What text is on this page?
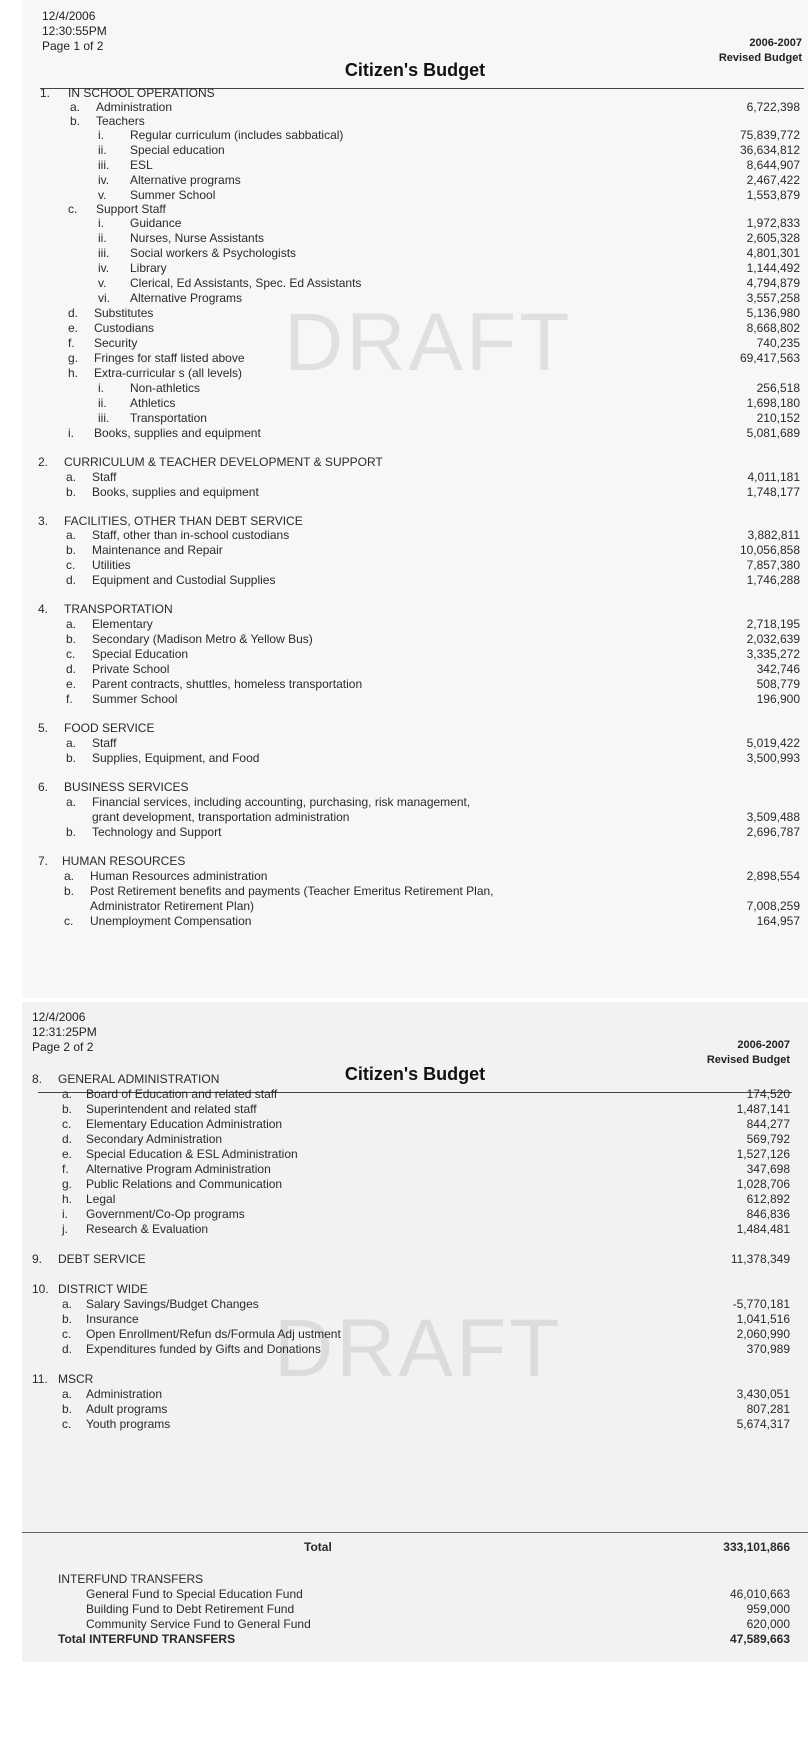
12/4/2006
12:30:55PM
Page 1 of 2	2006-2007
Revised Budget
Citizen's Budget
DRAFT
1. IN SCHOOL OPERATIONS
a. Administration	6,722,398
b. Teachers
i. Regular curriculum (includes sabbatical)	75,839,772
ii. Special education	36,634,812
iii. ESL	8,644,907
iv. Alternative programs	2,467,422
v. Summer School	1,553,879
c. Support Staff
i. Guidance	1,972,833
ii. Nurses, Nurse Assistants	2,605,328
iii. Social workers & Psychologists	4,801,301
iv. Library	1,144,492
v. Clerical, Ed Assistants, Spec. Ed Assistants	4,794,879
vi. Alternative Programs	3,557,258
d. Substitutes	5,136,980
e. Custodians	8,668,802
f. Security	740,235
g. Fringes for staff listed above	69,417,563
h. Extra-curricular s (all levels)
i. Non-athletics	256,518
ii. Athletics	1,698,180
iii. Transportation	210,152
i. Books, supplies and equipment	5,081,689
2. CURRICULUM & TEACHER DEVELOPMENT & SUPPORT
a. Staff	4,011,181
b. Books, supplies and equipment	1,748,177
3. FACILITIES, OTHER THAN DEBT SERVICE
a. Staff, other than in-school custodians	3,882,811
b. Maintenance and Repair	10,056,858
c. Utilities	7,857,380
d. Equipment and Custodial Supplies	1,746,288
4. TRANSPORTATION
a. Elementary	2,718,195
b. Secondary (Madison Metro & Yellow Bus)	2,032,639
c. Special Education	3,335,272
d. Private School	342,746
e. Parent contracts, shuttles, homeless transportation	508,779
f. Summer School	196,900
5. FOOD SERVICE
a. Staff	5,019,422
b. Supplies, Equipment, and Food	3,500,993
6. BUSINESS SERVICES
a. Financial services, including accounting, purchasing, risk management,
grant development, transportation administration	3,509,488
b. Technology and Support	2,696,787
7. HUMAN RESOURCES
a. Human Resources administration	2,898,554
b. Post Retirement benefits and payments (Teacher Emeritus Retirement Plan,
Administrator Retirement Plan)	7,008,259
c. Unemployment Compensation	164,957
12/4/2006
12:31:25PM
Page 2 of 2	2006-2007
Revised Budget
Citizen's Budget
DRAFT
8. GENERAL ADMINISTRATION
a. Board of Education and related staff	174,520
b. Superintendent and related staff	1,487,141
c. Elementary Education Administration	844,277
d. Secondary Administration	569,792
e. Special Education & ESL Administration	1,527,126
f. Alternative Program Administration	347,698
g. Public Relations and Communication	1,028,706
h. Legal	612,892
i. Government/Co-Op programs	846,836
j. Research & Evaluation	1,484,481
9. DEBT SERVICE	11,378,349
10. DISTRICT WIDE
a. Salary Savings/Budget Changes	-5,770,181
b. Insurance	1,041,516
c. Open Enrollment/Refun ds/Formula Adj ustment	2,060,990
d. Expenditures funded by Gifts and Donations	370,989
11. MSCR
a. Administration	3,430,051
b. Adult programs	807,281
c. Youth programs	5,674,317
Total	333,101,866
INTERFUND TRANSFERS
General Fund to Special Education Fund	46,010,663
Building Fund to Debt Retirement Fund	959,000
Community Service Fund to General Fund	620,000
Total INTERFUND TRANSFERS	47,589,663
